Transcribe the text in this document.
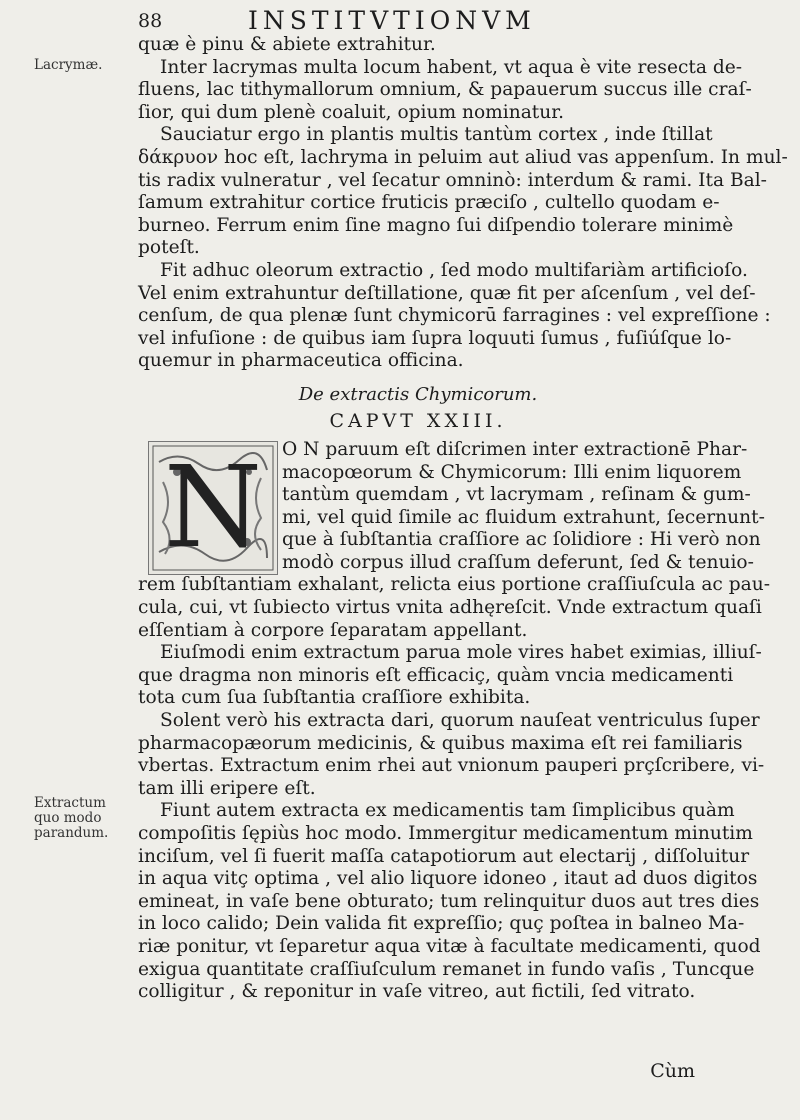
88	INSTITVTIONVM
Lacrymæ.
Extractum
quo modo
parandum.
quæ è pinu & abiete extrahitur.
Inter lacrymas multa locum habent, vt aqua è vite resecta de-
fluens, lac tithymallorum omnium, & papauerum succus ille craſ-
ſior, qui dum plenè coaluit, opium nominatur.
Sauciatur ergo in plantis multis tantùm cortex , inde ſtillat
δάκρυον hoc eſt, lachryma in peluim aut aliud vas appenſum. In mul-
tis radix vulneratur , vel ſecatur omninò: interdum & rami. Ita Bal-
ſamum extrahitur cortice fruticis præciſo , cultello quodam e-
burneo. Ferrum enim ſine magno ſui diſpendio tolerare minimè
poteſt.
Fit adhuc oleorum extractio , ſed modo multifariàm artificioſo.
Vel enim extrahuntur deſtillatione, quæ fit per aſcenſum , vel deſ-
cenſum, de qua plenæ ſunt chymicorū farragines : vel expreſſione :
vel infuſione : de quibus iam ſupra loquuti ſumus , fuſiúſque lo-
quemur in pharmaceutica officina.
De extractis Chymicorum.
CAPVT XXIII.
N	O N paruum eſt diſcrimen inter extractionē Phar-
macopœorum & Chymicorum: Illi enim liquorem
tantùm quemdam , vt lacrymam , reſinam & gum-
mi, vel quid ſimile ac fluidum extrahunt, ſecernunt-
que à ſubſtantia craſſiore ac ſolidiore : Hi verò non
modò corpus illud craſſum deferunt, ſed & tenuio-
rem ſubſtantiam exhalant, relicta eius portione craſſiuſcula ac pau-
cula, cui, vt ſubiecto virtus vnita adhęreſcit. Vnde extractum quaſi
eſſentiam à corpore ſeparatam appellant.
Eiuſmodi enim extractum parua mole vires habet eximias, illiuſ-
que dragma non minoris eſt efficaciç, quàm vncia medicamenti
tota cum ſua ſubſtantia craſſiore exhibita.
Solent verò his extracta dari, quorum nauſeat ventriculus ſuper
pharmacopæorum medicinis, & quibus maxima eſt rei familiaris
vbertas. Extractum enim rhei aut vnionum pauperi prçſcribere, vi-
tam illi eripere eſt.
Fiunt autem extracta ex medicamentis tam ſimplicibus quàm
compoſitis ſępiùs hoc modo. Immergitur medicamentum minutim
inciſum, vel ſi fuerit maſſa catapotiorum aut electarij , diſſoluitur
in aqua vitç optima , vel alio liquore idoneo , itaut ad duos digitos
emineat, in vaſe bene obturato; tum relinquitur duos aut tres dies
in loco calido; Dein valida fit expreſſio; quç poſtea in balneo Ma-
riæ ponitur, vt ſeparetur aqua vitæ à facultate medicamenti, quod
exigua quantitate craſſiuſculum remanet in fundo vaſis , Tuncque
colligitur , & reponitur in vaſe vitreo, aut fictili, ſed vitrato.
Cùm
